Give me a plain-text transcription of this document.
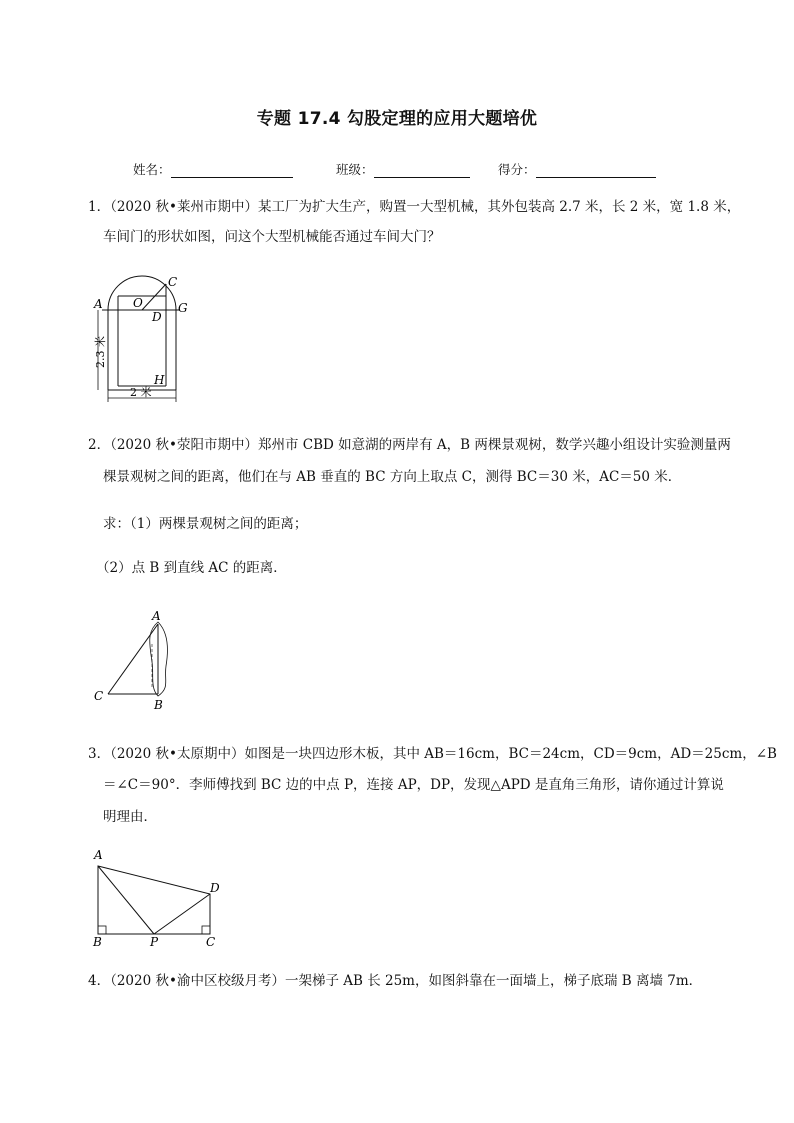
专题 17.4 勾股定理的应用大题培优
姓名：	班级：	得分：
1．（2020 秋•莱州市期中）某工厂为扩大生产，购置一大型机械，其外包装高 2.7 米，长 2 米，宽 1.8 米，
车间门的形状如图，问这个大型机械能否通过车间大门？
A	O
C
D
G
H
2.3 米
2 米
2．（2020 秋•荥阳市期中）郑州市 CBD 如意湖的两岸有 A，B 两棵景观树，数学兴趣小组设计实验测量两
棵景观树之间的距离，他们在与 AB 垂直的 BC 方向上取点 C，测得 BC＝30 米，AC＝50 米．
求：（1）两棵景观树之间的距离；
（2）点 B 到直线 AC 的距离．
A
C
B
3．（2020 秋•太原期中）如图是一块四边形木板，其中 AB＝16cm，BC＝24cm，CD＝9cm，AD＝25cm，∠B
＝∠C＝90°．李师傅找到 BC 边的中点 P，连接 AP，DP，发现△APD 是直角三角形，请你通过计算说
明理由．
A
D
B	P	C
4．（2020 秋•渝中区校级月考）一架梯子 AB 长 25m，如图斜靠在一面墙上，梯子底瑞 B 离墙 7m．
